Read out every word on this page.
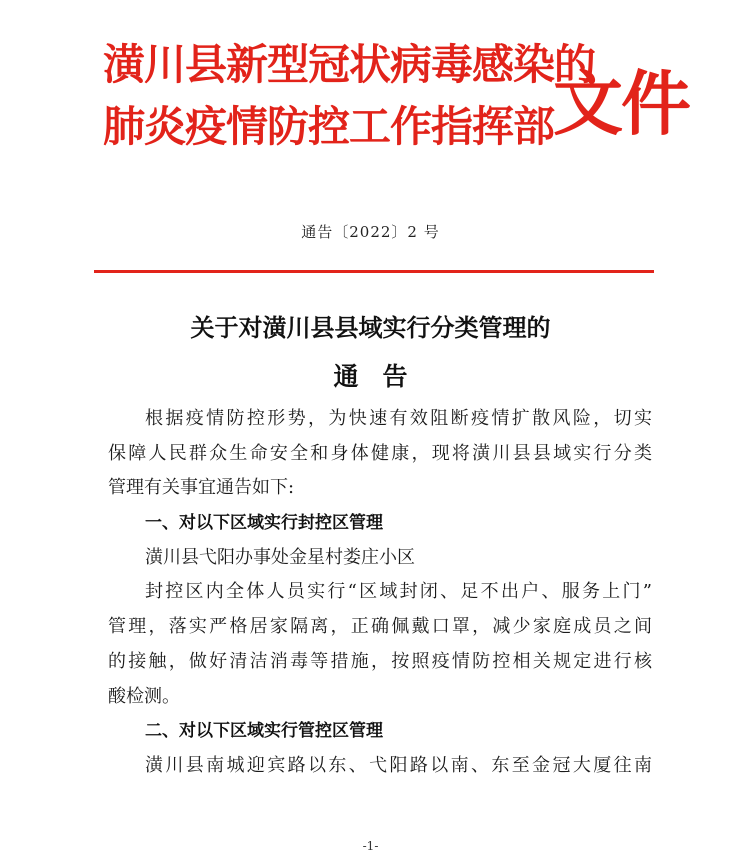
潢川县新型冠状病毒感染的
肺炎疫情防控工作指挥部
文件
通告〔2022〕2 号
关于对潢川县县域实行分类管理的
通告
根据疫情防控形势，为快速有效阻断疫情扩散风险，切实
保障人民群众生命安全和身体健康，现将潢川县县域实行分类
管理有关事宜通告如下:
一、对以下区域实行封控区管理
潢川县弋阳办事处金星村娄庄小区
封控区内全体人员实行“区域封闭、足不出户、服务上门”
管理，落实严格居家隔离，正确佩戴口罩，减少家庭成员之间
的接触，做好清洁消毒等措施，按照疫情防控相关规定进行核
酸检测。
二、对以下区域实行管控区管理
潢川县南城迎宾路以东、弋阳路以南、东至金冠大厦往南
-1-
